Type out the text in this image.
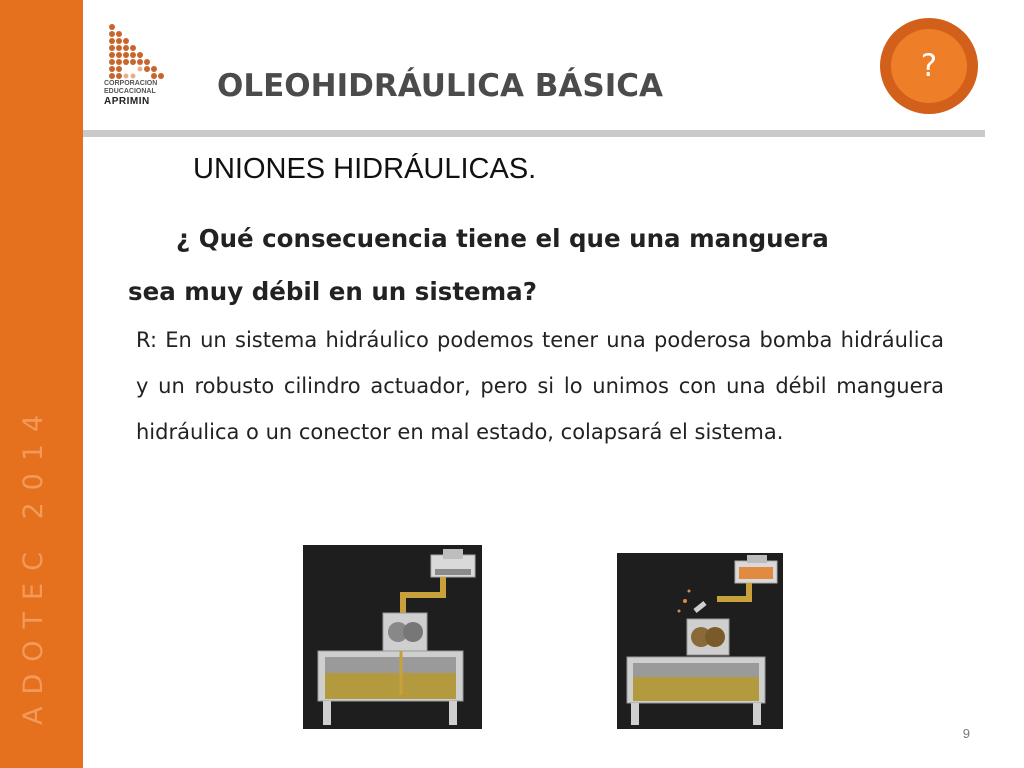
ADOTEC 2014
CORPORACION
EDUCACIONAL
APRIMIN	OLEOHIDRÁULICA BÁSICA
?
UNIONES HIDRÁULICAS.
¿ Qué consecuencia tiene el que una manguera
sea muy débil en un sistema?
R: En un sistema hidráulico podemos tener una poderosa bomba hidráulica y un robusto cilindro actuador, pero si lo unimos con una débil manguera hidráulica o un conector en mal estado, colapsará el sistema.
9
